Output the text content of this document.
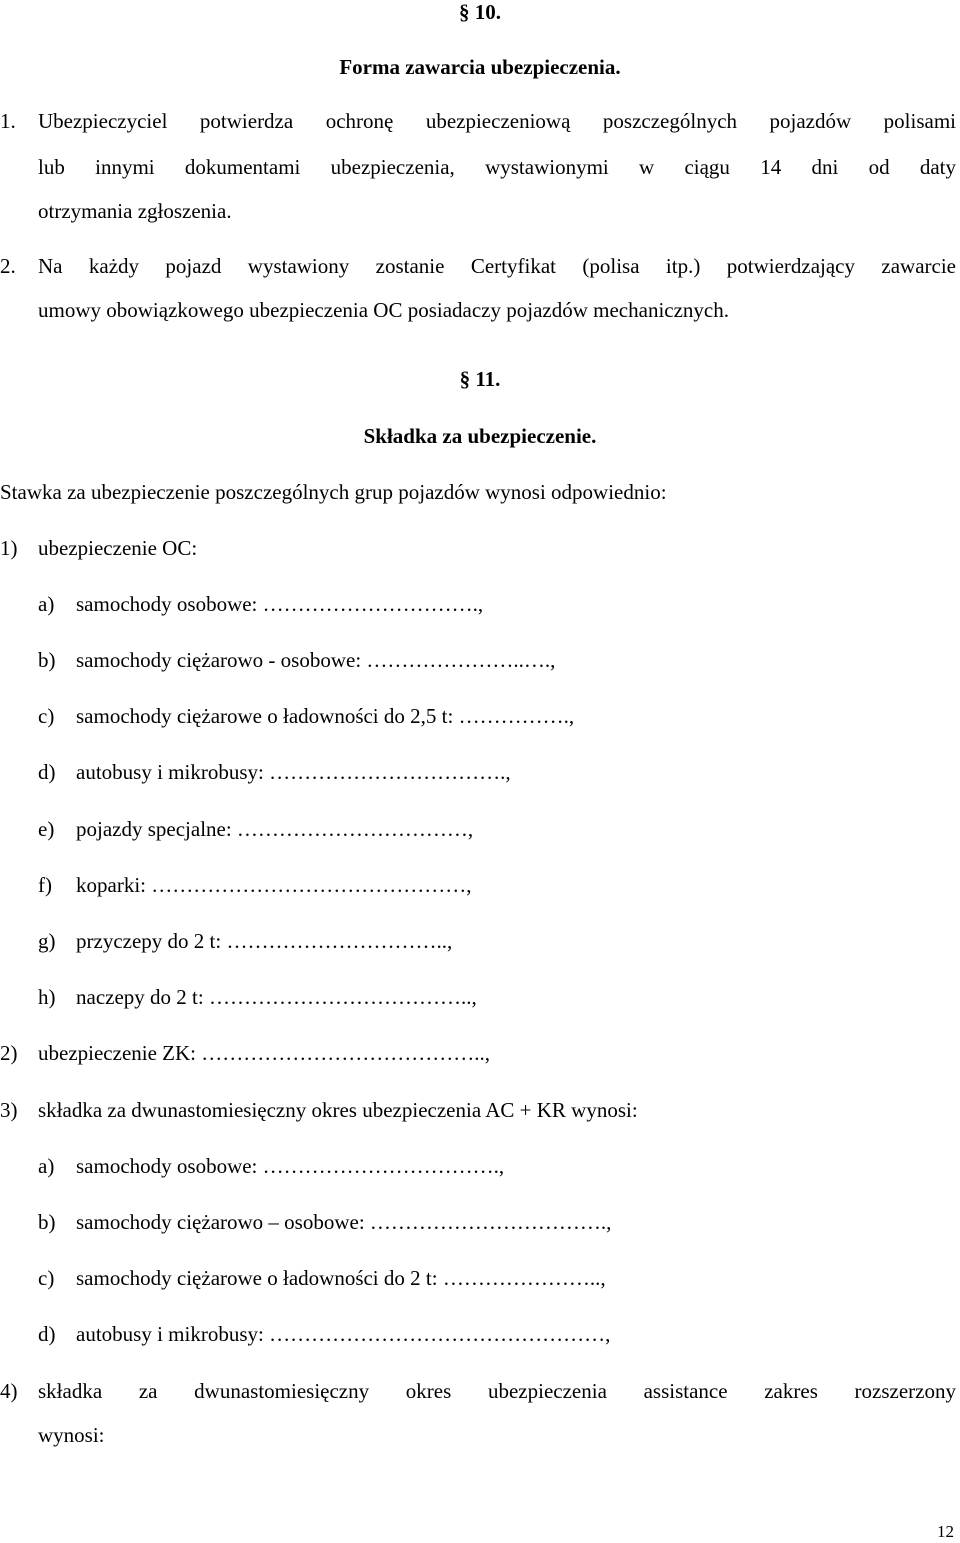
§ 10.
Forma zawarcia ubezpieczenia.
1. Ubezpieczyciel potwierdza ochronę ubezpieczeniową poszczególnych pojazdów polisami
lub innymi dokumentami ubezpieczenia, wystawionymi w ciągu 14 dni od daty
otrzymania zgłoszenia.
2. Na każdy pojazd wystawiony zostanie Certyfikat (polisa itp.) potwierdzający zawarcie
umowy obowiązkowego ubezpieczenia OC posiadaczy pojazdów mechanicznych.
§ 11.
Składka za ubezpieczenie.
Stawka za ubezpieczenie poszczególnych grup pojazdów wynosi odpowiednio:
1) ubezpieczenie OC:
a) samochody osobowe: ………………………….,
b) samochody ciężarowo - osobowe: …………………..….,
c) samochody ciężarowe o ładowności do 2,5 t: …………….,
d) autobusy i mikrobusy: …………………………….,
e) pojazdy specjalne: ……………………………,
f) koparki: ………………………………………,
g) przyczepy do 2 t: …………………………..,
h) naczepy do 2 t: ………………………………..,
2) ubezpieczenie ZK: …………………………………..,
3) składka za dwunastomiesięczny okres ubezpieczenia AC + KR wynosi:
a) samochody osobowe: …………………………….,
b) samochody ciężarowo – osobowe: …………………………….,
c) samochody ciężarowe o ładowności do 2 t: …………………..,
d) autobusy i mikrobusy: …………………………………………,
4) składka za dwunastomiesięczny okres ubezpieczenia assistance zakres rozszerzony
wynosi:
12
